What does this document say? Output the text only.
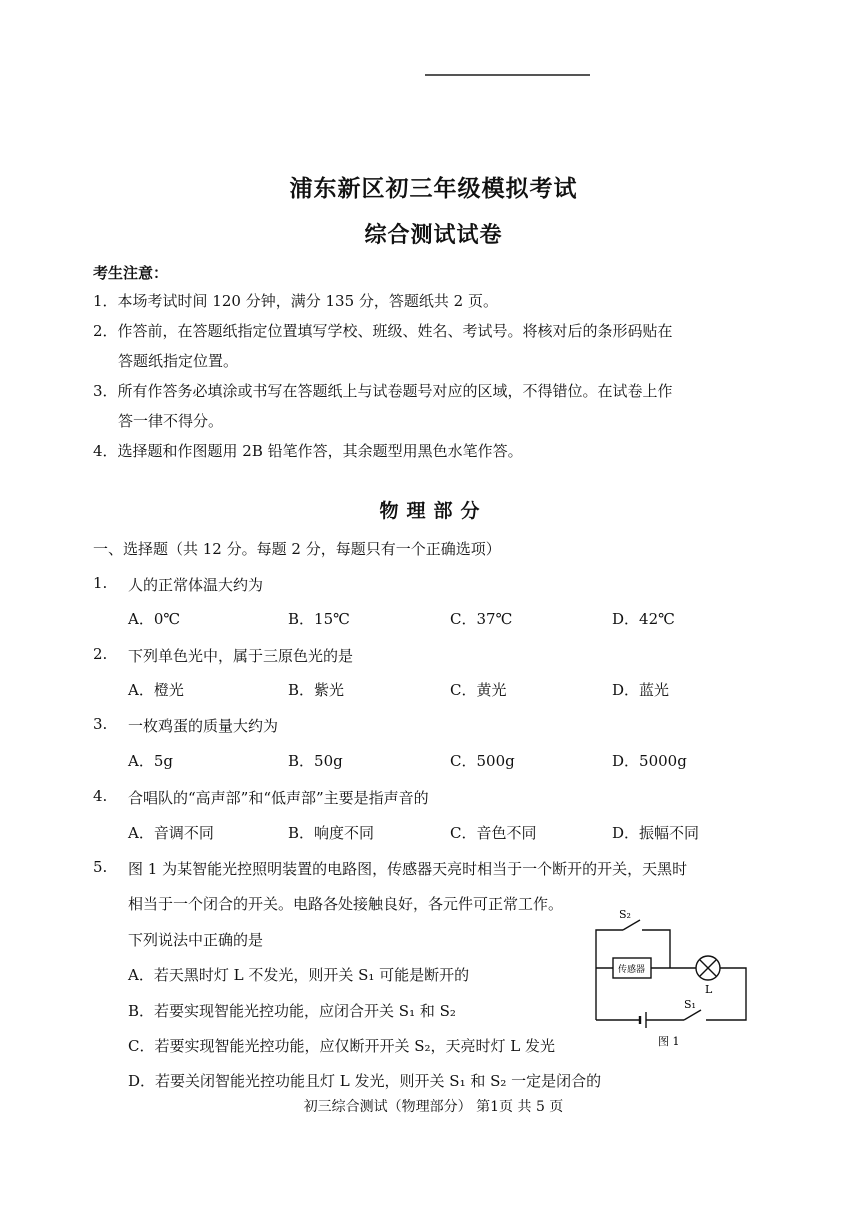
浦东新区初三年级模拟考试
综合测试试卷
考生注意：
1．本场考试时间 120 分钟，满分 135 分，答题纸共 2 页。
2．作答前，在答题纸指定位置填写学校、班级、姓名、考试号。将核对后的条形码贴在
答题纸指定位置。
3．所有作答务必填涂或书写在答题纸上与试卷题号对应的区域，不得错位。在试卷上作
答一律不得分。
4．选择题和作图题用 2B 铅笔作答，其余题型用黑色水笔作答。
物理部分
一、选择题（共 12 分。每题 2 分，每题只有一个正确选项）
1. 人的正常体温大约为
A．0℃	B．15℃	C．37℃	D．42℃
2. 下列单色光中，属于三原色光的是
A．橙光	B．紫光	C．黄光	D．蓝光
3. 一枚鸡蛋的质量大约为
A．5g	B．50g	C．500g	D．5000g
4. 合唱队的“高声部”和“低声部”主要是指声音的
A．音调不同	B．响度不同	C．音色不同	D．振幅不同
5. 图 1 为某智能光控照明装置的电路图，传感器天亮时相当于一个断开的开关，天黑时
相当于一个闭合的开关。电路各处接触良好，各元件可正常工作。
下列说法中正确的是
A．若天黑时灯 L 不发光，则开关 S₁ 可能是断开的
B．若要实现智能光控功能，应闭合开关 S₁ 和 S₂
C．若要实现智能光控功能，应仅断开开关 S₂，天亮时灯 L 发光
D．若要关闭智能光控功能且灯 L 发光，则开关 S₁ 和 S₂ 一定是闭合的
S₂
传感器
L
S₁
图 1
初三综合测试（物理部分） 第1页 共 5 页
